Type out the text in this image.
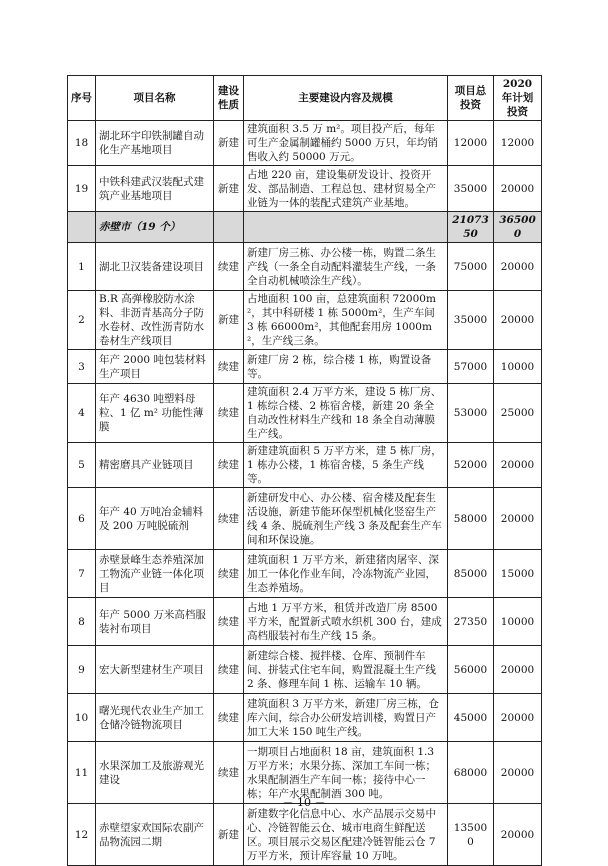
序号	项目名称	建设性质	主要建设内容及规模	项目总投资	2020 年计划投资
18	湖北环宇印铁制罐自动化生产基地项目	新建	建筑面积 3.5 万 m²。项目投产后，每年可生产金属制罐桶约 5000 万只，年均销售收入约 50000 万元。	12000	12000
19	中铁科建武汉装配式建筑产业基地项目	新建	占地 220 亩，建设集研发设计、投资开发、部品制造、工程总包、建材贸易全产业链为一体的装配式建筑产业基地。	35000	20000
	赤壁市（19 个）			2107350	365000
1	湖北卫汉装备建设项目	续建	新建厂房三栋、办公楼一栋，购置二条生产线（一条全自动配料灌装生产线，一条全自动机械喷涂生产线）。	75000	20000
2	B.R 高弹橡胶防水涂料、非沥青基高分子防水卷材、改性沥青防水卷材生产线项目	新建	占地面积 100 亩，总建筑面积 72000m²，其中科研楼 1 栋 5000m²，生产车间 3 栋 66000m²，其他配套用房 1000m²，生产线三条。	35000	20000
3	年产 2000 吨包装材料生产项目	续建	新建厂房 2 栋，综合楼 1 栋，购置设备等。	57000	10000
4	年产 4630 吨塑料母粒、1 亿 m² 功能性薄膜	续建	建筑面积 2.4 万平方米，建设 5 栋厂房、1 栋综合楼、2 栋宿舍楼，新建 20 条全自动改性材料生产线和 18 条全自动薄膜生产线。	53000	25000
5	精密磨具产业链项目	续建	新建建筑面积 5 万平方米，建 5 栋厂房，1 栋办公楼，1 栋宿舍楼，5 条生产线等。	52000	20000
6	年产 40 万吨冶金辅料及 200 万吨脱硫剂	续建	新建研发中心、办公楼、宿舍楼及配套生活设施，新建节能环保型机械化竖窑生产线 4 条、脱硫剂生产线 3 条及配套生产车间和环保设施。	58000	20000
7	赤壁景峰生态养殖深加工物流产业链一体化项目	续建	建筑面积 1 万平方米，新建猪肉屠宰、深加工一体化作业车间，冷冻物流产业园，生态养殖场。	85000	15000
8	年产 5000 万米高档服装衬布项目	续建	占地 1 万平方米，租赁并改造厂房 8500 平方米，配置新式喷水织机 300 台，建成高档服装衬布生产线 15 条。	27350	10000
9	宏大新型建材生产项目	续建	新建综合楼、搅拌楼、仓库、预制件车间、拼装式住宅车间，购置混凝土生产线 2 条、修理车间 1 栋、运输车 10 辆。	56000	20000
10	曙光现代农业生产加工仓储冷链物流项目	续建	建筑面积 3 万平方米，新建厂房三栋，仓库六间，综合办公研发培训楼，购置日产加工大米 150 吨生产线。	45000	20000
11	水果深加工及旅游观光建设	续建	一期项目占地面积 18 亩，建筑面积 1.3 万平方米；水果分拣、深加工车间一栋；水果配制酒生产车间一栋；接待中心一栋；年产水果配制酒 300 吨。	68000	20000
12	赤壁望家欢国际农副产品物流园二期	新建	新建数字化信息中心、水产品展示交易中心、冷链智能云仓、城市电商生鲜配送区。项目展示交易区配建冷链智能云仓 7 万平方米，预计库容量 10 万吨。	135000	20000
－ 10 －
